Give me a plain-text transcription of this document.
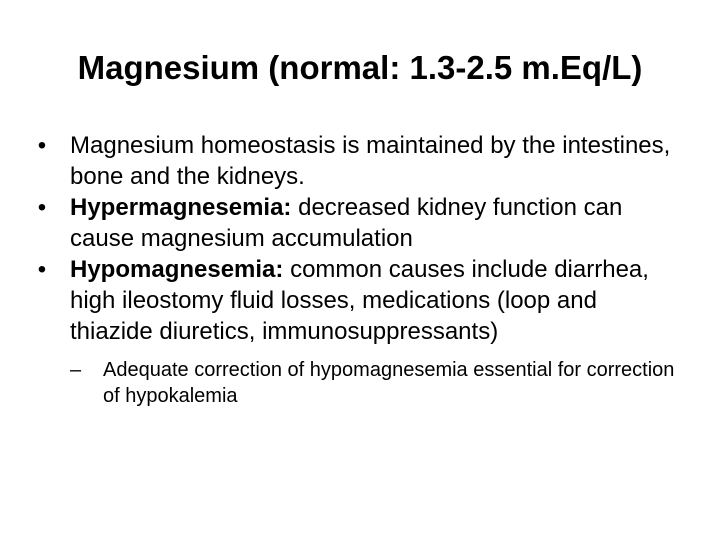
Magnesium (normal: 1.3-2.5 m.Eq/L)
• Magnesium homeostasis is maintained by the intestines, bone and the kidneys.
• Hypermagnesemia: decreased kidney function can cause magnesium accumulation
• Hypomagnesemia: common causes include diarrhea, high ileostomy fluid losses, medications (loop and thiazide diuretics, immunosuppressants)
– Adequate correction of hypomagnesemia essential for correction of hypokalemia
